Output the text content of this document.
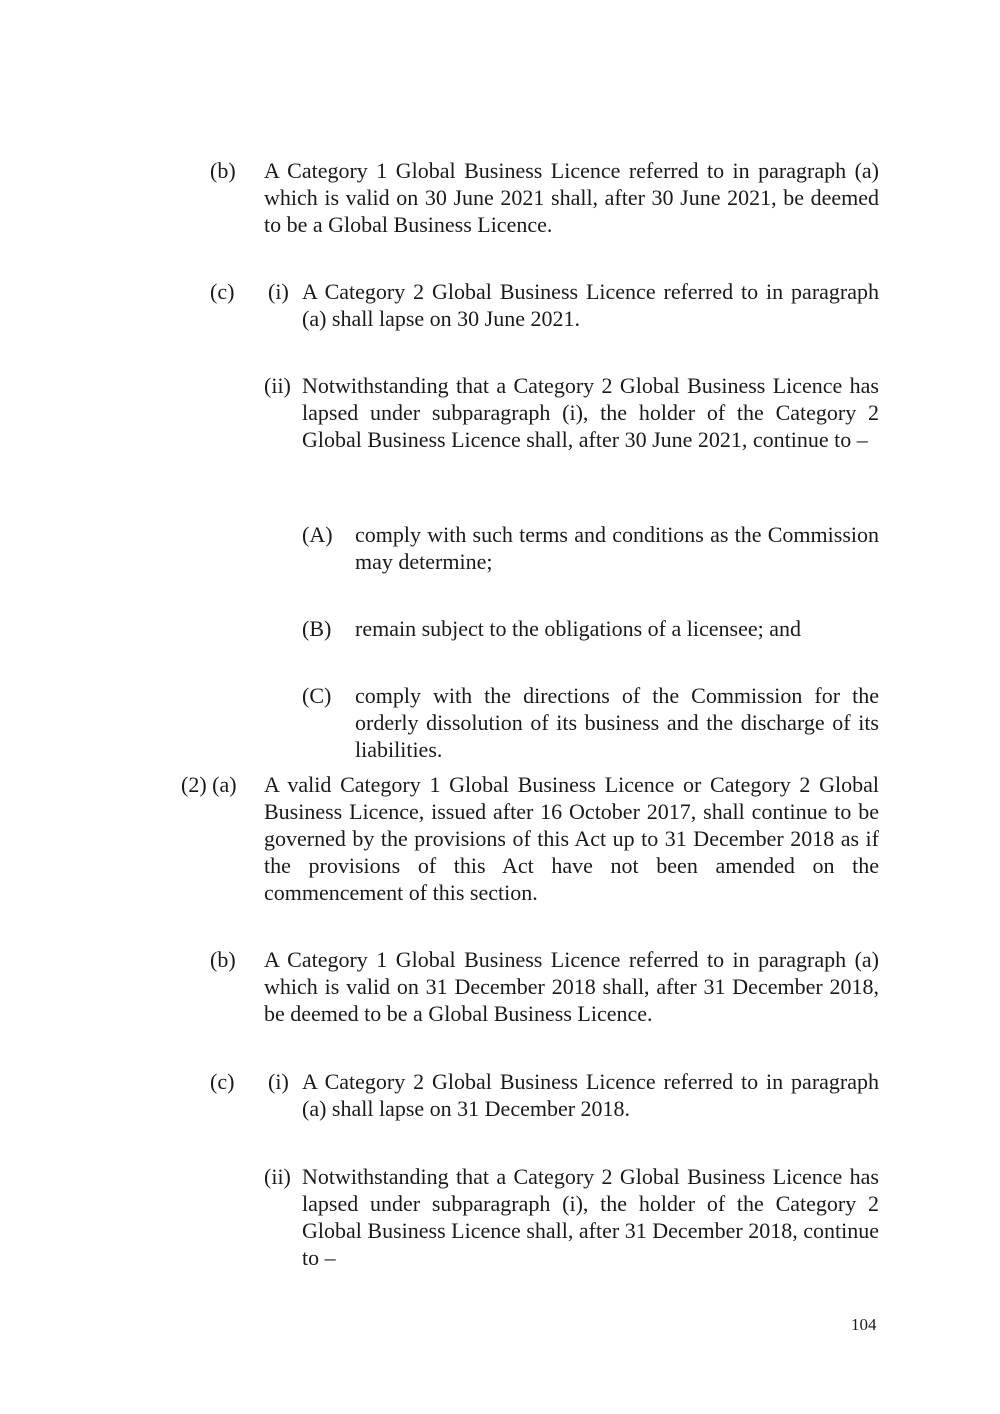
(b) A Category 1 Global Business Licence referred to in paragraph (a) which is valid on 30 June 2021 shall, after 30 June 2021, be deemed to be a Global Business Licence.
(c) (i) A Category 2 Global Business Licence referred to in paragraph (a) shall lapse on 30 June 2021.
(ii) Notwithstanding that a Category 2 Global Business Licence has lapsed under subparagraph (i), the holder of the Category 2 Global Business Licence shall, after 30 June 2021, continue to –
(A) comply with such terms and conditions as the Commission may determine;
(B) remain subject to the obligations of a licensee; and
(C) comply with the directions of the Commission for the orderly dissolution of its business and the discharge of its liabilities.
(2) (a) A valid Category 1 Global Business Licence or Category 2 Global Business Licence, issued after 16 October 2017, shall continue to be governed by the provisions of this Act up to 31 December 2018 as if the provisions of this Act have not been amended on the commencement of this section.
(b) A Category 1 Global Business Licence referred to in paragraph (a) which is valid on 31 December 2018 shall, after 31 December 2018, be deemed to be a Global Business Licence.
(c) (i) A Category 2 Global Business Licence referred to in paragraph (a) shall lapse on 31 December 2018.
(ii) Notwithstanding that a Category 2 Global Business Licence has lapsed under subparagraph (i), the holder of the Category 2 Global Business Licence shall, after 31 December 2018, continue to –
104
